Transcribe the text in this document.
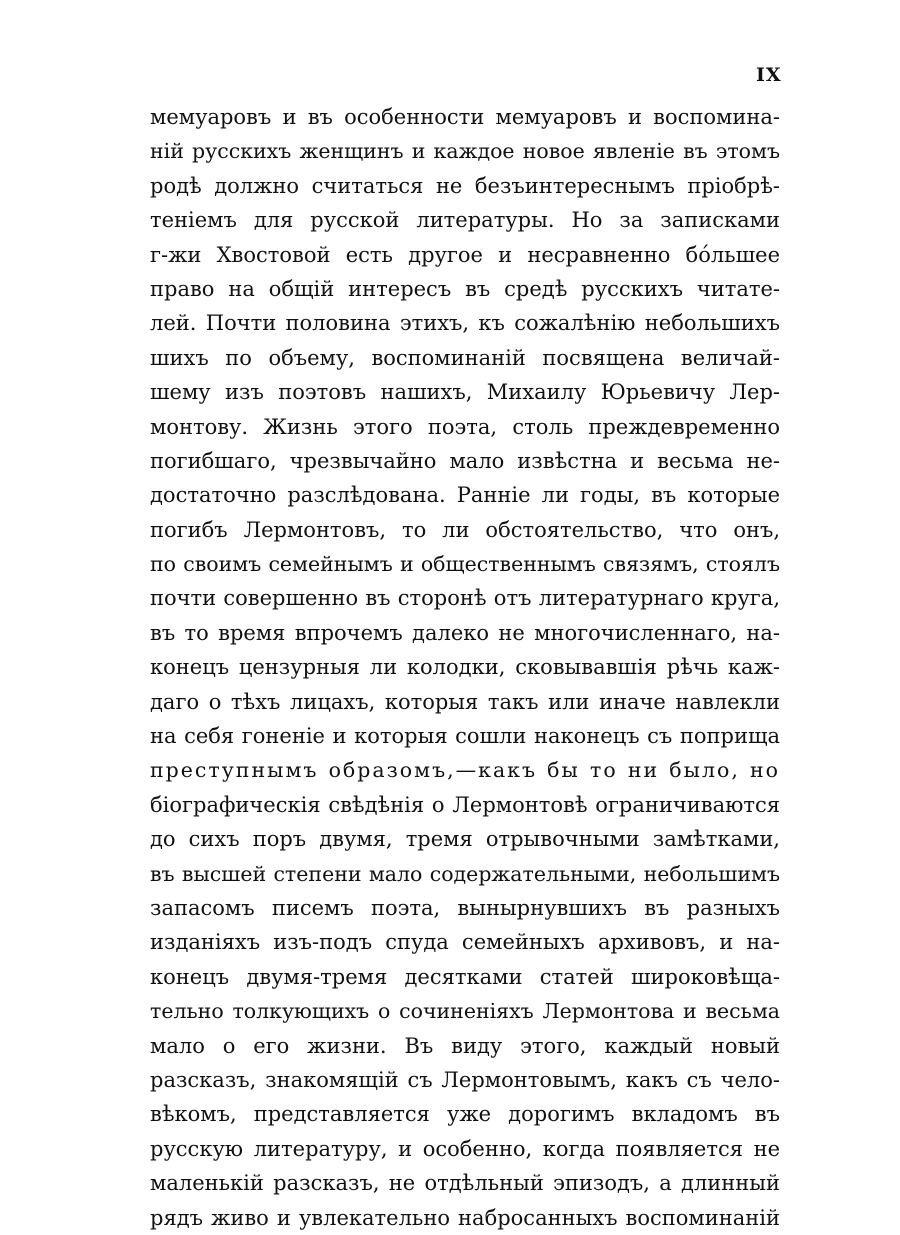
IX
мемуаровъ и въ особенности мемуаровъ и воспомина-
нiй русскихъ женщинъ и каждое новое явленiе въ этомъ
родѣ должно считаться не безъинтереснымъ прiобрѣ-
тенiемъ для русской литературы. Но за записками
г-жи Хвостовой есть другое и несравненно бо́льшее
право на общiй интересъ въ средѣ русскихъ читате-
лей. Почти половина этихъ, къ сожалѣнiю небольшихъ
шихъ по объему, воспоминанiй посвящена величай-
шему изъ поэтовъ нашихъ, Михаилу Юрьевичу Лер-
монтову. Жизнь этого поэта, столь преждевременно
погибшаго, чрезвычайно мало извѣстна и весьма не-
достаточно разслѣдована. Раннiе ли годы, въ которые
погибъ Лермонтовъ, то ли обстоятельство, что онъ,
по своимъ семейнымъ и общественнымъ связямъ, стоялъ
почти совершенно въ сторонѣ отъ литературнаго круга,
въ то время впрочемъ далеко не многочисленнаго, на-
конецъ цензурныя ли колодки, сковывавшiя рѣчь каж-
даго о тѣхъ лицахъ, которыя такъ или иначе навлекли
на себя гоненiе и которыя сошли наконецъ съ поприща
преступнымъ образомъ,—какъ бы то ни было, но
бiографическiя свѣдѣнiя о Лермонтовѣ ограничиваются
до сихъ поръ двумя, тремя отрывочными замѣтками,
въ высшей степени мало содержательными, небольшимъ
запасомъ писемъ поэта, вынырнувшихъ въ разныхъ
изданiяхъ изъ-подъ спуда семейныхъ архивовъ, и на-
конецъ двумя-тремя десятками статей широковѣща-
тельно толкующихъ о сочиненiяхъ Лермонтова и весьма
мало о его жизни. Въ виду этого, каждый новый
разсказъ, знакомящiй съ Лермонтовымъ, какъ съ чело-
вѣкомъ, представляется уже дорогимъ вкладомъ въ
русскую литературу, и особенно, когда появляется не
маленькiй разсказъ, не отдѣльный эпизодъ, а длинный
рядъ живо и увлекательно набросанныхъ воспоминанiй
